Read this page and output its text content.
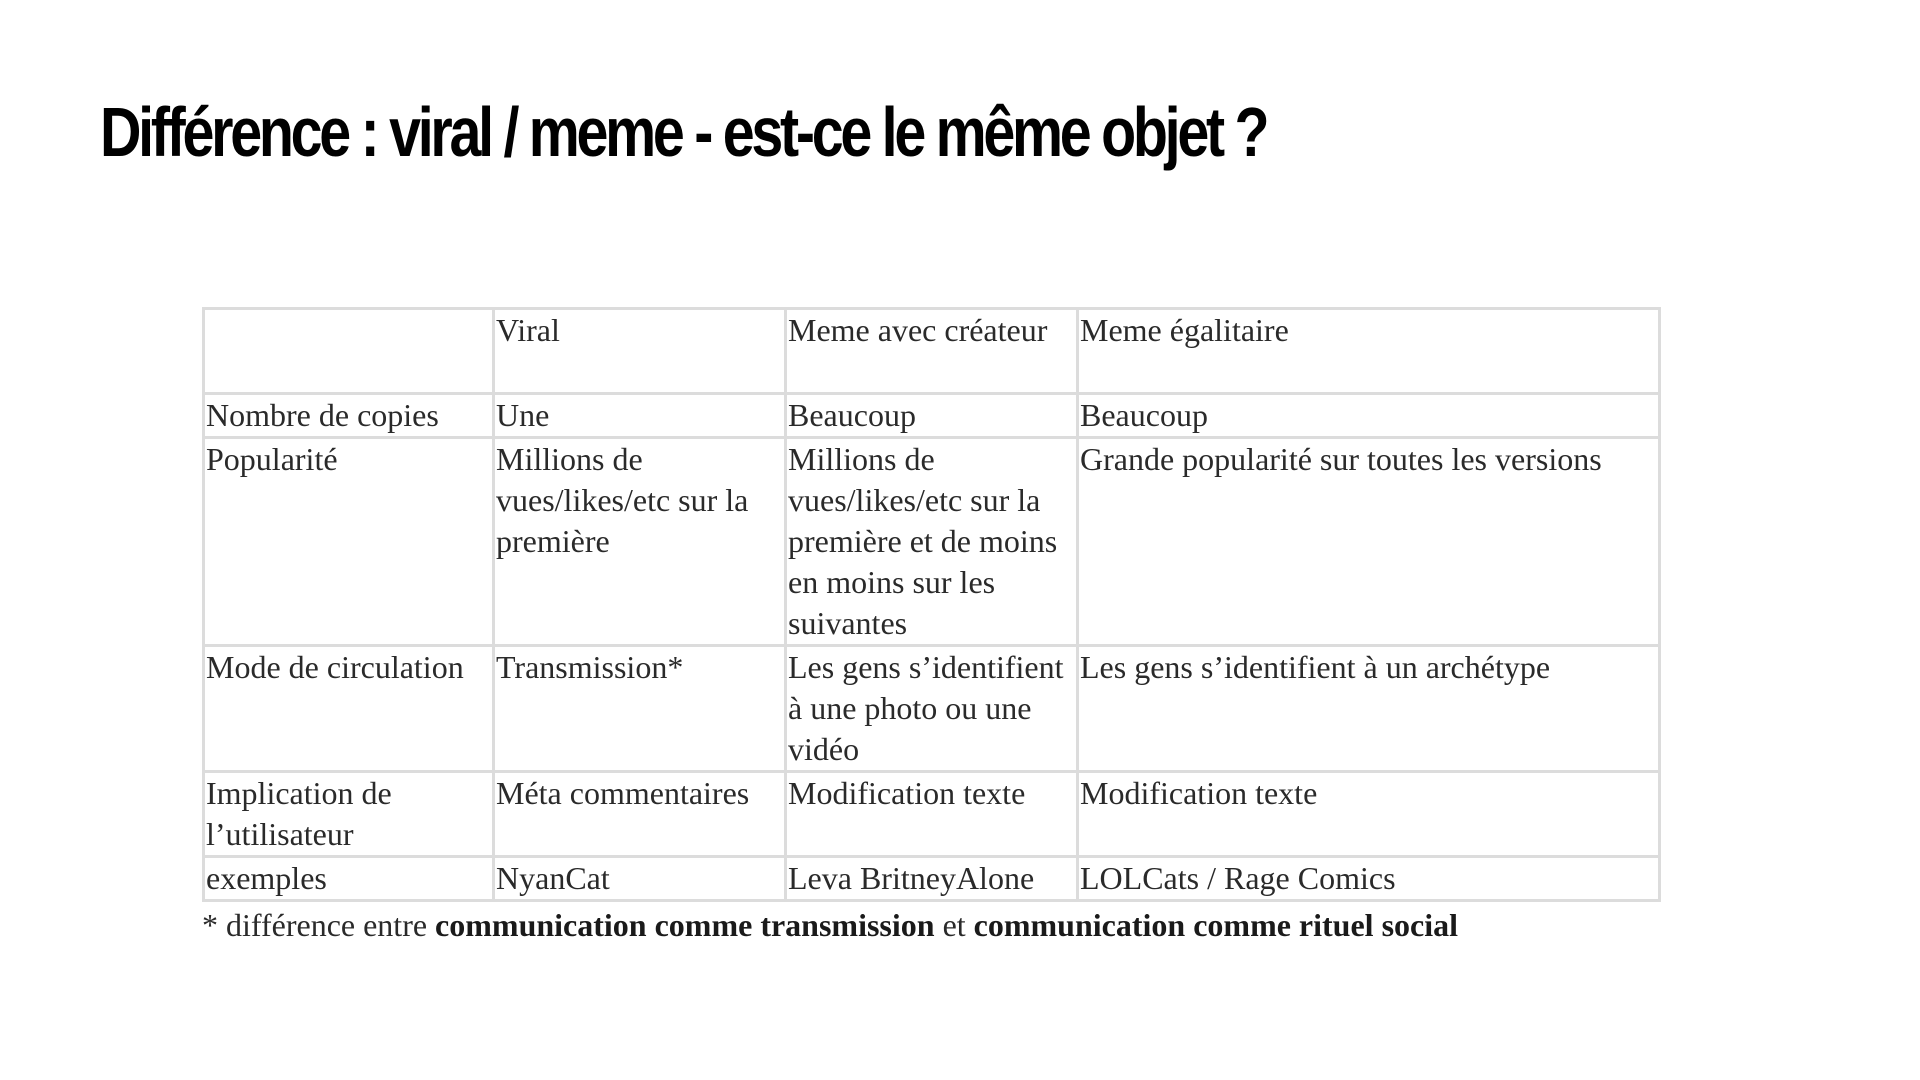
Différence : viral / meme - est-ce le même objet ?
	Viral	Meme avec créateur	Meme égalitaire
Nombre de copies	Une	Beaucoup	Beaucoup
Popularité	Millions de vues/likes/etc sur la première	Millions de vues/likes/etc sur la première et de moins en moins sur les suivantes	Grande popularité sur toutes les versions
Mode de circulation	Transmission*	Les gens s’identifient à une photo ou une vidéo	Les gens s’identifient à un archétype
Implication de l’utilisateur	Méta commentaires	Modification texte	Modification texte
exemples	NyanCat	Leva BritneyAlone	LOLCats / Rage Comics
* différence entre communication comme transmission et communication comme rituel social
